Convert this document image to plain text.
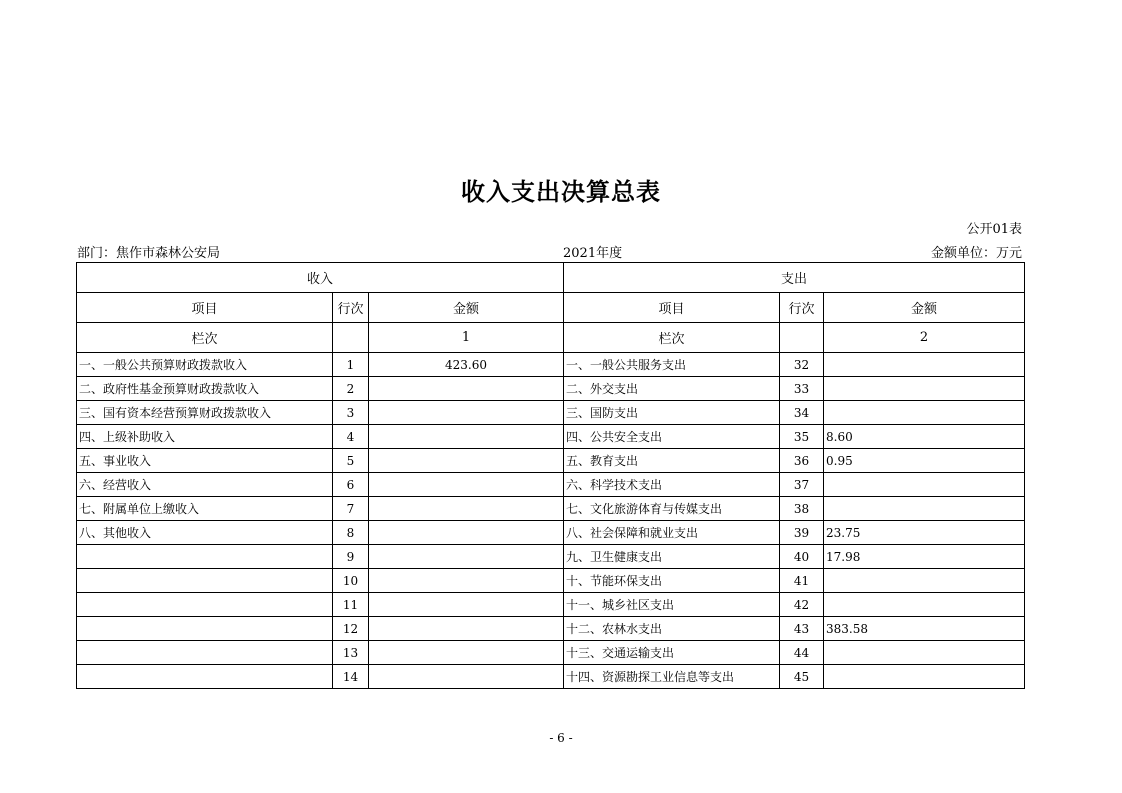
收入支出决算总表
公开01表
部门：焦作市森林公安局	2021年度	金额单位：万元
收入			支出		
项目	行次	金额	项目	行次	金额
栏次		1	栏次		2
一、一般公共预算财政拨款收入	1	423.60	一、一般公共服务支出	32	
二、政府性基金预算财政拨款收入	2		二、外交支出	33	
三、国有资本经营预算财政拨款收入	3		三、国防支出	34	
四、上级补助收入	4		四、公共安全支出	35	8.60
五、事业收入	5		五、教育支出	36	0.95
六、经营收入	6		六、科学技术支出	37	
七、附属单位上缴收入	7		七、文化旅游体育与传媒支出	38	
八、其他收入	8		八、社会保障和就业支出	39	23.75
	9		九、卫生健康支出	40	17.98
	10		十、节能环保支出	41	
	11		十一、城乡社区支出	42	
	12		十二、农林水支出	43	383.58
	13		十三、交通运输支出	44	
	14		十四、资源勘探工业信息等支出	45	
- 6 -
